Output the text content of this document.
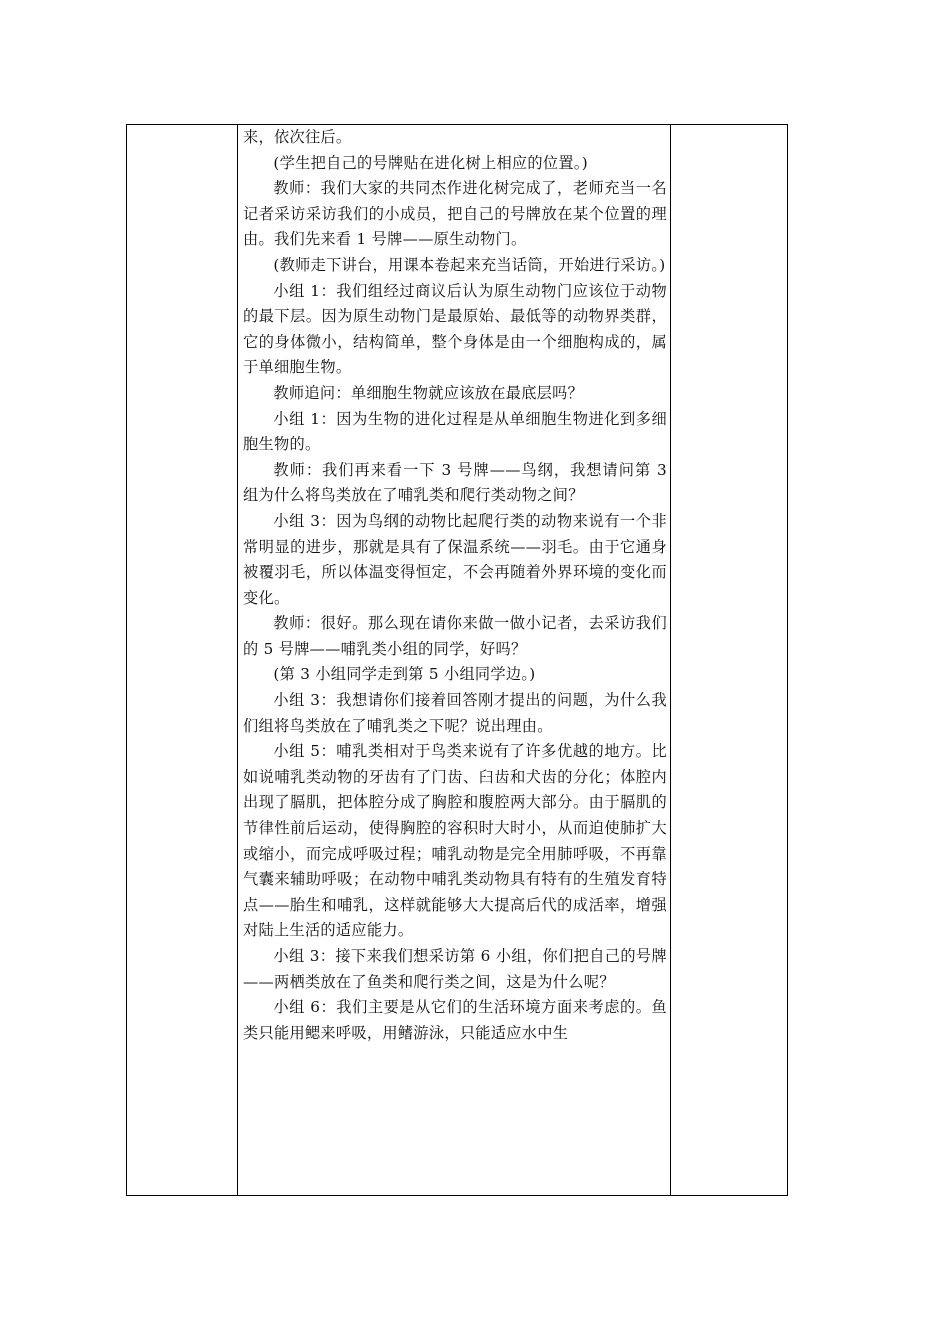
来，依次往后。

(学生把自己的号牌贴在进化树上相应的位置。)

教师：我们大家的共同杰作进化树完成了，老师充当一名记者采访采访我们的小成员，把自己的号牌放在某个位置的理由。我们先来看 1 号牌——原生动物门。

(教师走下讲台，用课本卷起来充当话筒，开始进行采访。)

小组 1：我们组经过商议后认为原生动物门应该位于动物的最下层。因为原生动物门是最原始、最低等的动物界类群，它的身体微小，结构简单，整个身体是由一个细胞构成的，属于单细胞生物。

教师追问：单细胞生物就应该放在最底层吗？

小组 1：因为生物的进化过程是从单细胞生物进化到多细胞生物的。

教师：我们再来看一下 3 号牌——鸟纲，我想请问第 3 组为什么将鸟类放在了哺乳类和爬行类动物之间？

小组 3：因为鸟纲的动物比起爬行类的动物来说有一个非常明显的进步，那就是具有了保温系统——羽毛。由于它通身被覆羽毛，所以体温变得恒定，不会再随着外界环境的变化而变化。

教师：很好。那么现在请你来做一做小记者，去采访我们的 5 号牌——哺乳类小组的同学，好吗？

(第 3 小组同学走到第 5 小组同学边。)

小组 3：我想请你们接着回答刚才提出的问题，为什么我们组将鸟类放在了哺乳类之下呢？说出理由。

小组 5：哺乳类相对于鸟类来说有了许多优越的地方。比如说哺乳类动物的牙齿有了门齿、臼齿和犬齿的分化；体腔内出现了膈肌，把体腔分成了胸腔和腹腔两大部分。由于膈肌的节律性前后运动，使得胸腔的容积时大时小，从而迫使肺扩大或缩小，而完成呼吸过程；哺乳动物是完全用肺呼吸，不再靠气囊来辅助呼吸；在动物中哺乳类动物具有特有的生殖发育特点——胎生和哺乳，这样就能够大大提高后代的成活率，增强对陆上生活的适应能力。

小组 3：接下来我们想采访第 6 小组，你们把自己的号牌——两栖类放在了鱼类和爬行类之间，这是为什么呢？

小组 6：我们主要是从它们的生活环境方面来考虑的。鱼类只能用鳃来呼吸，用鳍游泳，只能适应水中生
